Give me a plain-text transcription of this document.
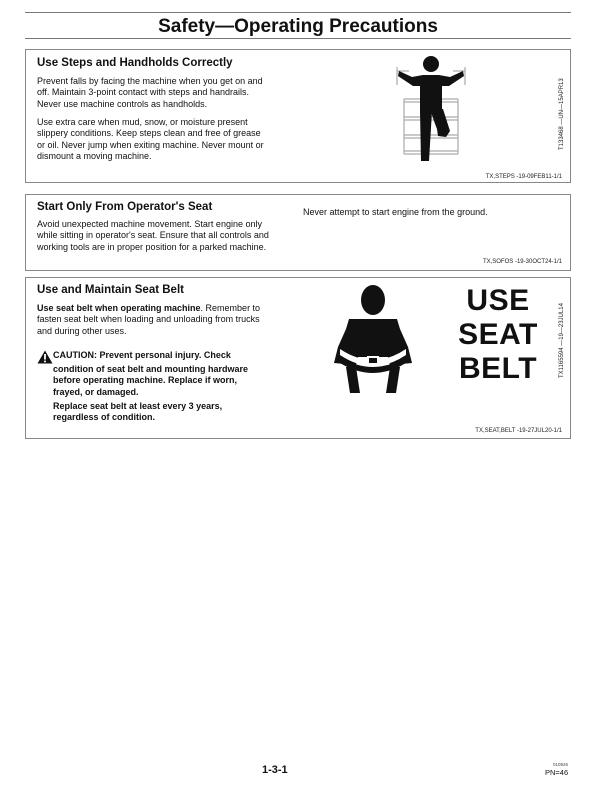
Safety—Operating Precautions
Use Steps and Handholds Correctly
Prevent falls by facing the machine when you get on and
off. Maintain 3-point contact with steps and handrails.
Never use machine controls as handholds.
Use extra care when mud, snow, or moisture present
slippery conditions. Keep steps clean and free of grease
or oil. Never jump when exiting machine. Never mount or
dismount a moving machine.
T133468 —UN—15APR13
TX,STEPS -19-09FEB11-1/1
Start Only From Operator's Seat
Avoid unexpected machine movement. Start engine only
while sitting in operator's seat. Ensure that all controls and
working tools are in proper position for a parked machine.
Never attempt to start engine from the ground.
TX,SOFOS -19-30OCT24-1/1
Use and Maintain Seat Belt
Use seat belt when operating machine. Remember to
fasten seat belt when loading and unloading from trucks
and during other uses.
CAUTION: Prevent personal injury. Check
condition of seat belt and mounting hardware
before operating machine. Replace if worn,
frayed, or damaged.
Replace seat belt at least every 3 years,
regardless of condition.
USE
SEAT
BELT	TX1165594 —19—23JUL14
TX,SEAT,BELT -19-27JUL20-1/1
1-3-1	010926
PN=46
